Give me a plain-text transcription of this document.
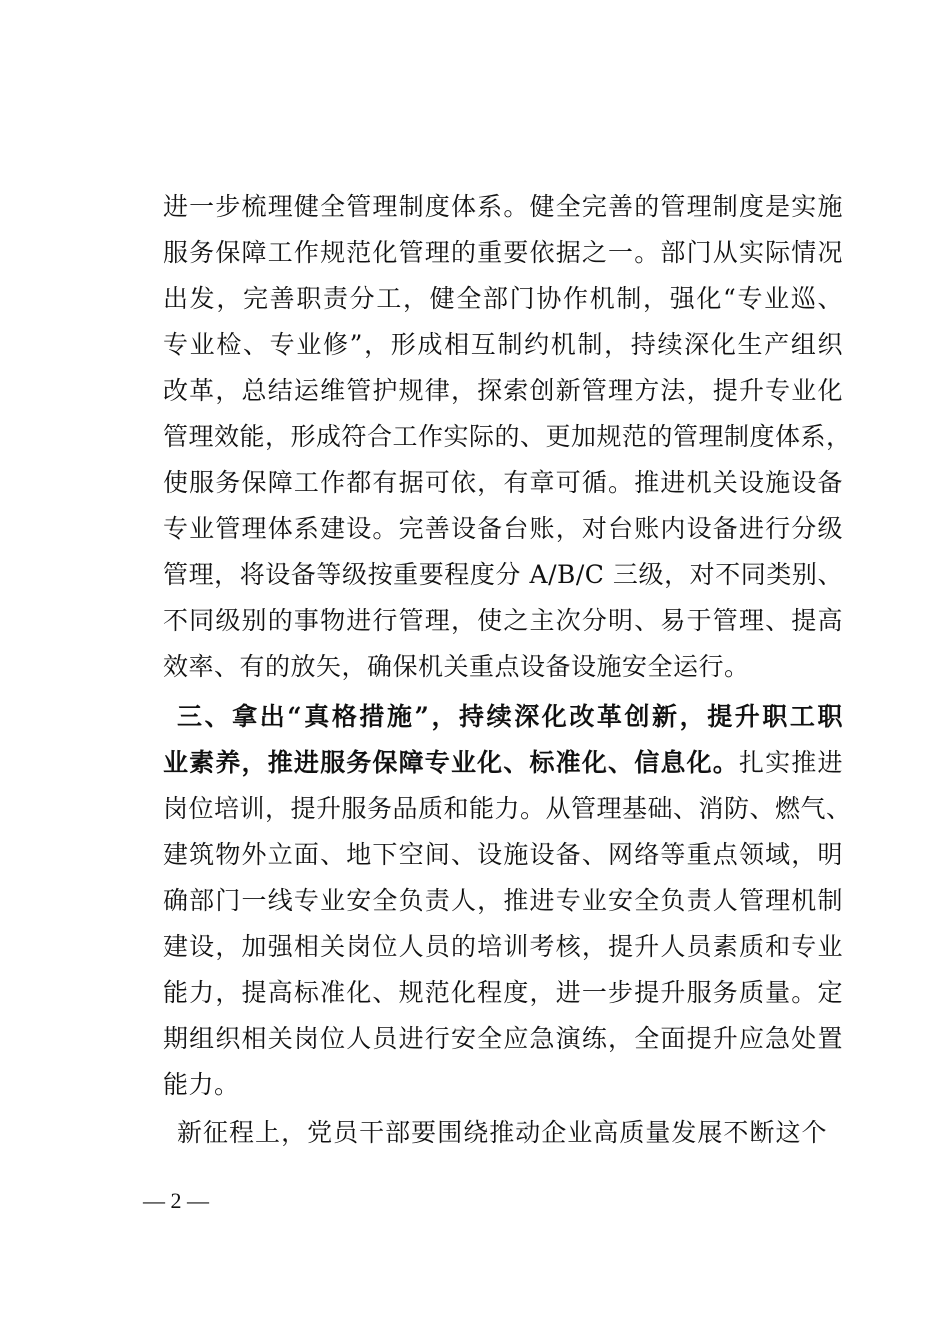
进一步梳理健全管理制度体系。健全完善的管理制度是实施
服务保障工作规范化管理的重要依据之一。部门从实际情况
出发，完善职责分工，健全部门协作机制，强化“专业巡、
专业检、专业修”，形成相互制约机制，持续深化生产组织
改革，总结运维管护规律，探索创新管理方法，提升专业化
管理效能，形成符合工作实际的、更加规范的管理制度体系，
使服务保障工作都有据可依，有章可循。推进机关设施设备
专业管理体系建设。完善设备台账，对台账内设备进行分级
管理，将设备等级按重要程度分 A/B/C 三级，对不同类别、
不同级别的事物进行管理，使之主次分明、易于管理、提高
效率、有的放矢，确保机关重点设备设施安全运行。
三、拿出“真格措施”，持续深化改革创新，提升职工职
业素养，推进服务保障专业化、标准化、信息化。扎实推进
岗位培训，提升服务品质和能力。从管理基础、消防、燃气、
建筑物外立面、地下空间、设施设备、网络等重点领域，明
确部门一线专业安全负责人，推进专业安全负责人管理机制
建设，加强相关岗位人员的培训考核，提升人员素质和专业
能力，提高标准化、规范化程度，进一步提升服务质量。定
期组织相关岗位人员进行安全应急演练，全面提升应急处置
能力。
新征程上，党员干部要围绕推动企业高质量发展不断这个
— 2 —
